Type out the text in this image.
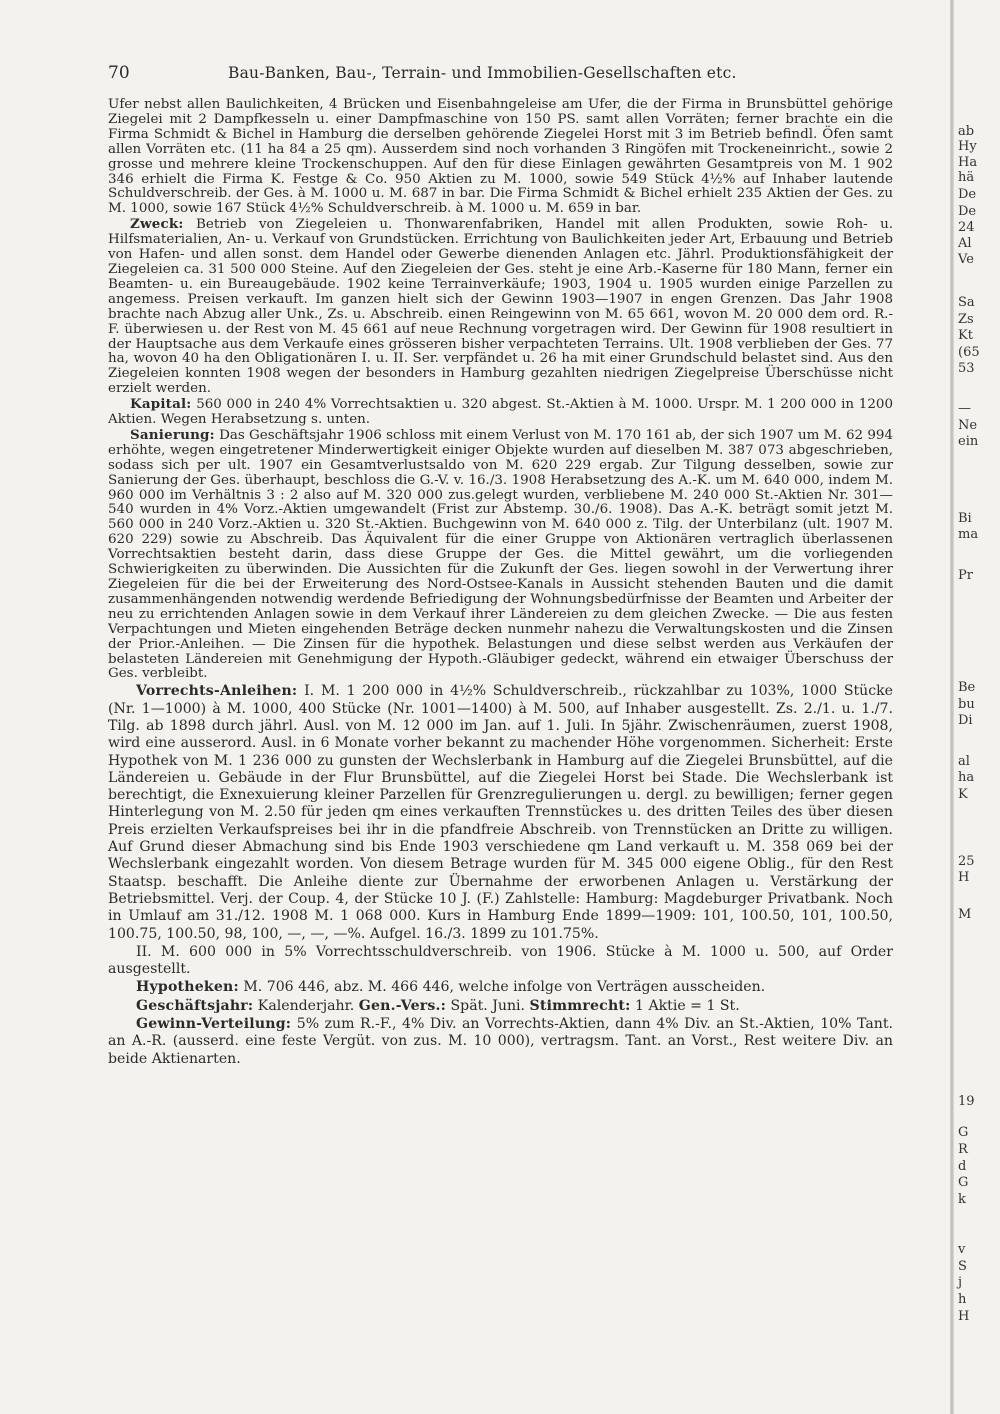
70	Bau-Banken, Bau-, Terrain- und Immobilien-Gesellschaften etc.

Ufer nebst allen Baulichkeiten, 4 Brücken und Eisenbahngeleise am Ufer, die der Firma in Brunsbüttel gehörige Ziegelei mit 2 Dampfkesseln u. einer Dampfmaschine von 150 PS. samt allen Vorräten; ferner brachte ein die Firma Schmidt & Bichel in Hamburg die derselben gehörende Ziegelei Horst mit 3 im Betrieb befindl. Öfen samt allen Vorräten etc. (11 ha 84 a 25 qm). Ausserdem sind noch vorhanden 3 Ringöfen mit Trockeneinricht., sowie 2 grosse und mehrere kleine Trockenschuppen. Auf den für diese Einlagen gewährten Gesamtpreis von M. 1 902 346 erhielt die Firma K. Festge & Co. 950 Aktien zu M. 1000, sowie 549 Stück 4½% auf Inhaber lautende Schuldverschreib. der Ges. à M. 1000 u. M. 687 in bar. Die Firma Schmidt & Bichel erhielt 235 Aktien der Ges. zu M. 1000, sowie 167 Stück 4½% Schuldverschreib. à M. 1000 u. M. 659 in bar.

Zweck: Betrieb von Ziegeleien u. Thonwarenfabriken, Handel mit allen Produkten, sowie Roh- u. Hilfsmaterialien, An- u. Verkauf von Grundstücken. Errichtung von Baulichkeiten jeder Art, Erbauung und Betrieb von Hafen- und allen sonst. dem Handel oder Gewerbe dienenden Anlagen etc. Jährl. Produktionsfähigkeit der Ziegeleien ca. 31 500 000 Steine. Auf den Ziegeleien der Ges. steht je eine Arb.-Kaserne für 180 Mann, ferner ein Beamten- u. ein Bureaugebäude. 1902 keine Terrainverkäufe; 1903, 1904 u. 1905 wurden einige Parzellen zu angemess. Preisen verkauft. Im ganzen hielt sich der Gewinn 1903—1907 in engen Grenzen. Das Jahr 1908 brachte nach Abzug aller Unk., Zs. u. Abschreib. einen Reingewinn von M. 65 661, wovon M. 20 000 dem ord. R.-F. überwiesen u. der Rest von M. 45 661 auf neue Rechnung vorgetragen wird. Der Gewinn für 1908 resultiert in der Hauptsache aus dem Verkaufe eines grösseren bisher verpachteten Terrains. Ult. 1908 verblieben der Ges. 77 ha, wovon 40 ha den Obligationären I. u. II. Ser. verpfändet u. 26 ha mit einer Grundschuld belastet sind. Aus den Ziegeleien konnten 1908 wegen der besonders in Hamburg gezahlten niedrigen Ziegelpreise Überschüsse nicht erzielt werden.

Kapital: 560 000 in 240 4% Vorrechtsaktien u. 320 abgest. St.-Aktien à M. 1000. Urspr. M. 1 200 000 in 1200 Aktien. Wegen Herabsetzung s. unten.

Sanierung: Das Geschäftsjahr 1906 schloss mit einem Verlust von M. 170 161 ab, der sich 1907 um M. 62 994 erhöhte, wegen eingetretener Minderwertigkeit einiger Objekte wurden auf dieselben M. 387 073 abgeschrieben, sodass sich per ult. 1907 ein Gesamtverlustsaldo von M. 620 229 ergab. Zur Tilgung desselben, sowie zur Sanierung der Ges. überhaupt, beschloss die G.-V. v. 16./3. 1908 Herabsetzung des A.-K. um M. 640 000, indem M. 960 000 im Verhältnis 3 : 2 also auf M. 320 000 zus.gelegt wurden, verbliebene M. 240 000 St.-Aktien Nr. 301—540 wurden in 4% Vorz.-Aktien umgewandelt (Frist zur Abstemp. 30./6. 1908). Das A.-K. beträgt somit jetzt M. 560 000 in 240 Vorz.-Aktien u. 320 St.-Aktien. Buchgewinn von M. 640 000 z. Tilg. der Unterbilanz (ult. 1907 M. 620 229) sowie zu Abschreib. Das Äquivalent für die einer Gruppe von Aktionären vertraglich überlassenen Vorrechtsaktien besteht darin, dass diese Gruppe der Ges. die Mittel gewährt, um die vorliegenden Schwierigkeiten zu überwinden. Die Aussichten für die Zukunft der Ges. liegen sowohl in der Verwertung ihrer Ziegeleien für die bei der Erweiterung des Nord-Ostsee-Kanals in Aussicht stehenden Bauten und die damit zusammenhängenden notwendig werdende Befriedigung der Wohnungsbedürfnisse der Beamten und Arbeiter der neu zu errichtenden Anlagen sowie in dem Verkauf ihrer Ländereien zu dem gleichen Zwecke. — Die aus festen Verpachtungen und Mieten eingehenden Beträge decken nunmehr nahezu die Verwaltungskosten und die Zinsen der Prior.-Anleihen. — Die Zinsen für die hypothek. Belastungen und diese selbst werden aus Verkäufen der belasteten Ländereien mit Genehmigung der Hypoth.-Gläubiger gedeckt, während ein etwaiger Überschuss der Ges. verbleibt.

Vorrechts-Anleihen: I. M. 1 200 000 in 4½% Schuldverschreib., rückzahlbar zu 103%, 1000 Stücke (Nr. 1—1000) à M. 1000, 400 Stücke (Nr. 1001—1400) à M. 500, auf Inhaber ausgestellt. Zs. 2./1. u. 1./7. Tilg. ab 1898 durch jährl. Ausl. von M. 12 000 im Jan. auf 1. Juli. In 5jähr. Zwischenräumen, zuerst 1908, wird eine ausserord. Ausl. in 6 Monate vorher bekannt zu machender Höhe vorgenommen. Sicherheit: Erste Hypothek von M. 1 236 000 zu gunsten der Wechslerbank in Hamburg auf die Ziegelei Brunsbüttel, auf die Ländereien u. Gebäude in der Flur Brunsbüttel, auf die Ziegelei Horst bei Stade. Die Wechslerbank ist berechtigt, die Exnexuierung kleiner Parzellen für Grenzregulierungen u. dergl. zu bewilligen; ferner gegen Hinterlegung von M. 2.50 für jeden qm eines verkauften Trennstückes u. des dritten Teiles des über diesen Preis erzielten Verkaufspreises bei ihr in die pfandfreie Abschreib. von Trennstücken an Dritte zu willigen. Auf Grund dieser Abmachung sind bis Ende 1903 verschiedene qm Land verkauft u. M. 358 069 bei der Wechslerbank eingezahlt worden. Von diesem Betrage wurden für M. 345 000 eigene Oblig., für den Rest Staatsp. beschafft. Die Anleihe diente zur Übernahme der erworbenen Anlagen u. Verstärkung der Betriebsmittel. Verj. der Coup. 4, der Stücke 10 J. (F.) Zahlstelle: Hamburg: Magdeburger Privatbank. Noch in Umlauf am 31./12. 1908 M. 1 068 000. Kurs in Hamburg Ende 1899—1909: 101, 100.50, 101, 100.50, 100.75, 100.50, 98, 100, —, —, —%. Aufgel. 16./3. 1899 zu 101.75%.

II. M. 600 000 in 5% Vorrechtsschuldverschreib. von 1906. Stücke à M. 1000 u. 500, auf Order ausgestellt.

Hypotheken: M. 706 446, abz. M. 466 446, welche infolge von Verträgen ausscheiden.

Geschäftsjahr: Kalenderjahr. Gen.-Vers.: Spät. Juni. Stimmrecht: 1 Aktie = 1 St.

Gewinn-Verteilung: 5% zum R.-F., 4% Div. an Vorrechts-Aktien, dann 4% Div. an St.-Aktien, 10% Tant. an A.-R. (ausserd. eine feste Vergüt. von zus. M. 10 000), vertragsm. Tant. an Vorst., Rest weitere Div. an beide Aktienarten.

ab
Hy
Ha
hä
De
De
24
Al
Ve
Sa
Zs
Kt
(65
53
—
Ne
ein
Bi
ma
Pr
Be
bu
Di
al
ha
K
25
H
M
19
G
R
d
G
k
v
S
j
h
H
